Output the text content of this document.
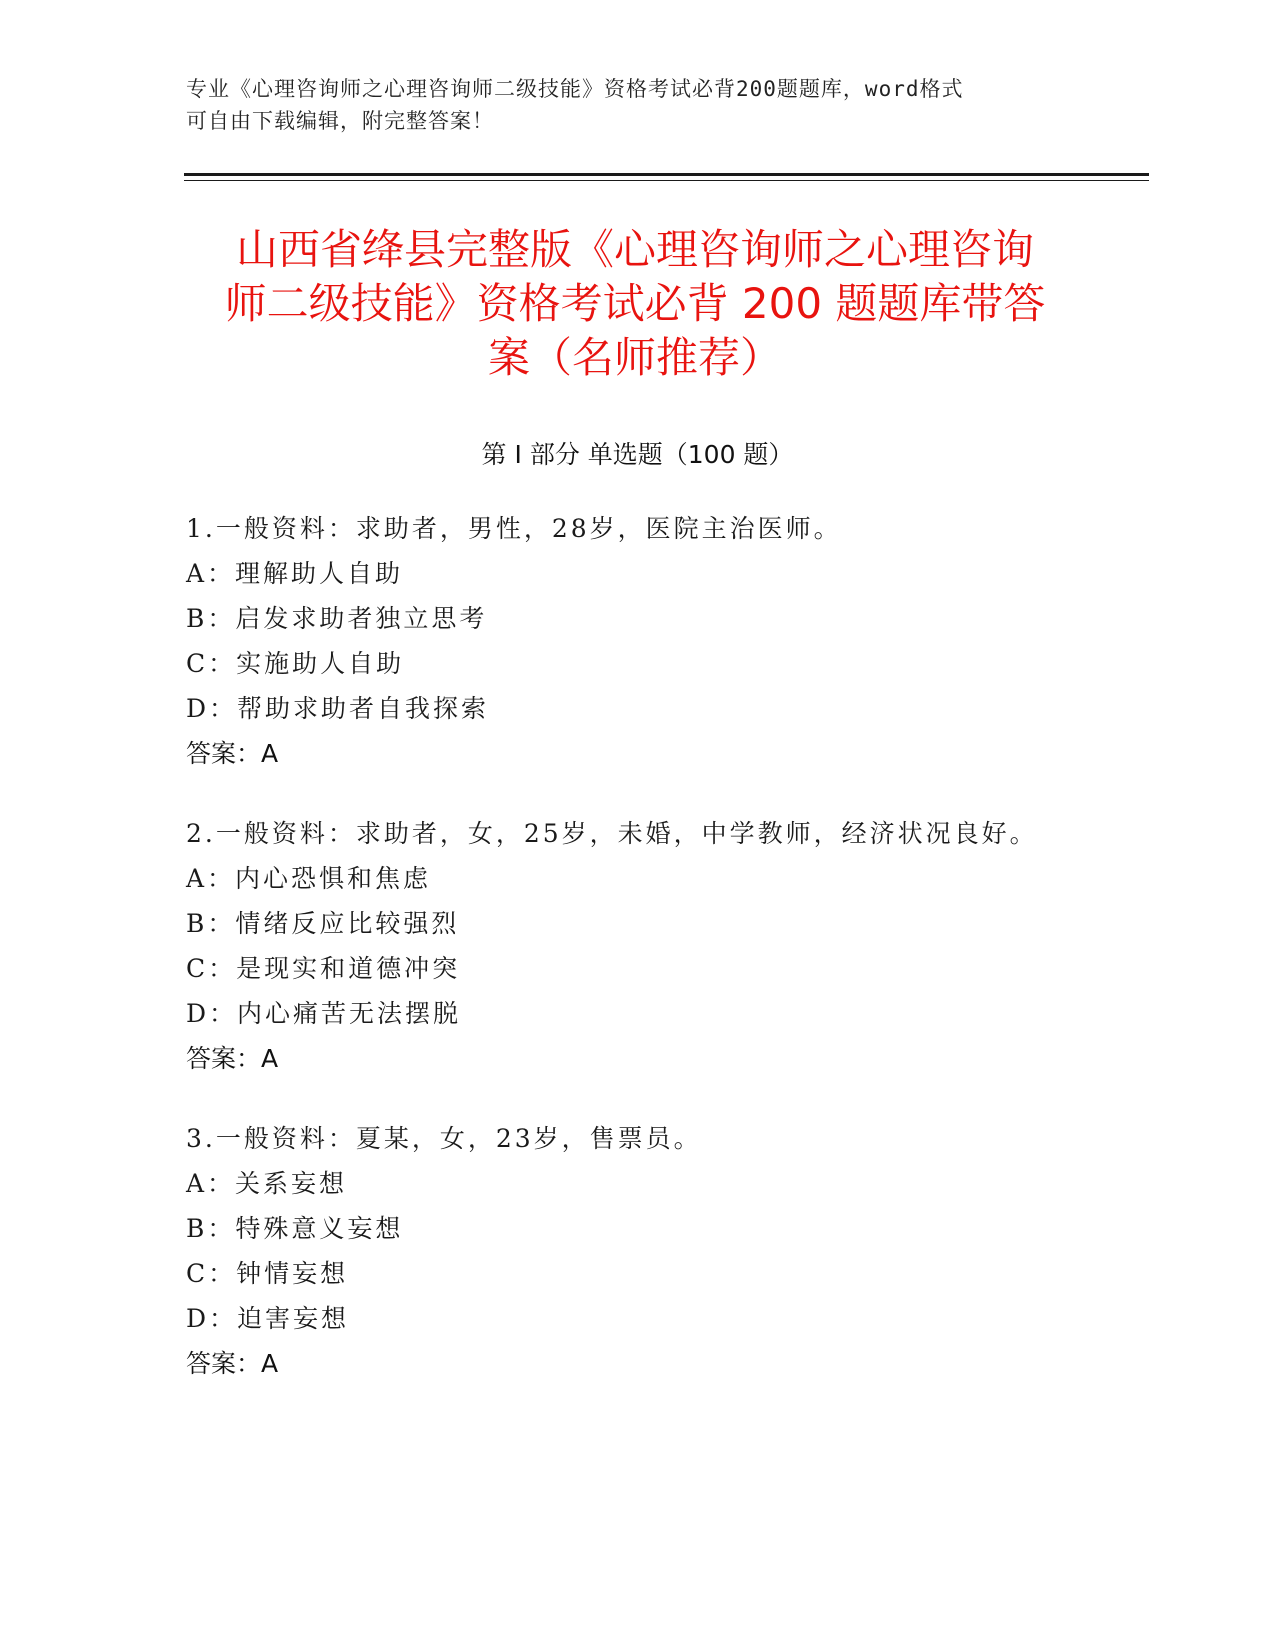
专业《心理咨询师之心理咨询师二级技能》资格考试必背200题题库，word格式
可自由下载编辑，附完整答案！
山西省绛县完整版《心理咨询师之心理咨询
师二级技能》资格考试必背 200 题题库带答
案（名师推荐）
第 I 部分 单选题（100 题）
1.一般资料：求助者，男性，28岁，医院主治医师。
A：理解助人自助
B：启发求助者独立思考
C：实施助人自助
D：帮助求助者自我探索
答案：A
2.一般资料：求助者，女，25岁，未婚，中学教师，经济状况良好。
A：内心恐惧和焦虑
B：情绪反应比较强烈
C：是现实和道德冲突
D：内心痛苦无法摆脱
答案：A
3.一般资料：夏某，女，23岁，售票员。
A：关系妄想
B：特殊意义妄想
C：钟情妄想
D：迫害妄想
答案：A
